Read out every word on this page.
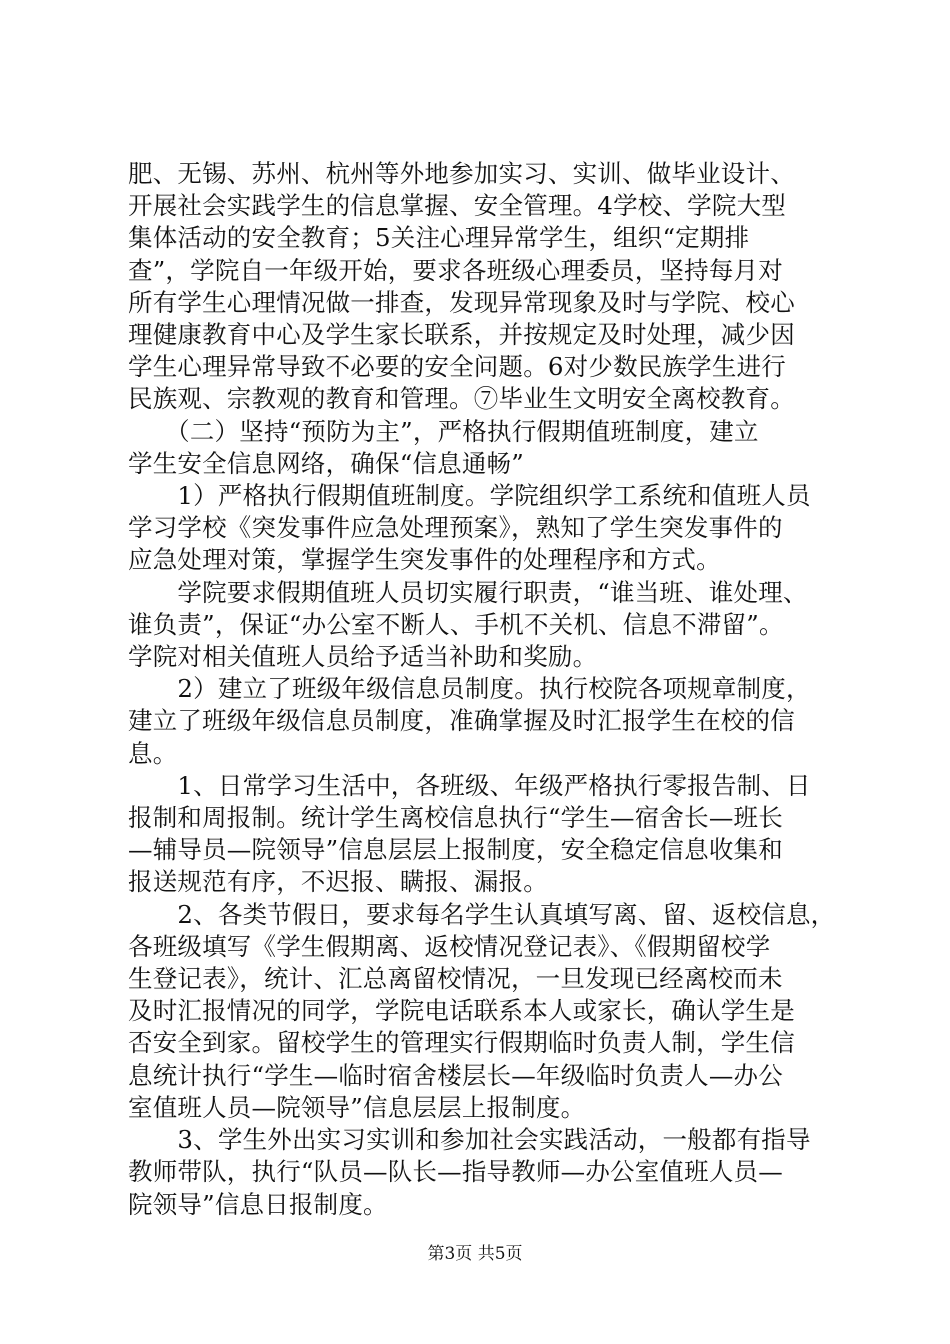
肥、无锡、苏州、杭州等外地参加实习、实训、做毕业设计、
开展社会实践学生的信息掌握、安全管理。4学校、学院大型
集体活动的安全教育；5关注心理异常学生，组织“定期排
查”，学院自一年级开始，要求各班级心理委员，坚持每月对
所有学生心理情况做一排查，发现异常现象及时与学院、校心
理健康教育中心及学生家长联系，并按规定及时处理，减少因
学生心理异常导致不必要的安全问题。6对少数民族学生进行
民族观、宗教观的教育和管理。⑦毕业生文明安全离校教育。
　　（二）坚持“预防为主”，严格执行假期值班制度，建立
学生安全信息网络，确保“信息通畅”
　　1）严格执行假期值班制度。学院组织学工系统和值班人员
学习学校《突发事件应急处理预案》，熟知了学生突发事件的
应急处理对策，掌握学生突发事件的处理程序和方式。
　　学院要求假期值班人员切实履行职责，“谁当班、谁处理、
谁负责”，保证“办公室不断人、手机不关机、信息不滞留”。
学院对相关值班人员给予适当补助和奖励。
　　2）建立了班级年级信息员制度。执行校院各项规章制度，
建立了班级年级信息员制度，准确掌握及时汇报学生在校的信
息。
　　1、日常学习生活中，各班级、年级严格执行零报告制、日
报制和周报制。统计学生离校信息执行“学生—宿舍长—班长
—辅导员—院领导”信息层层上报制度，安全稳定信息收集和
报送规范有序，不迟报、瞒报、漏报。
　　2、各类节假日，要求每名学生认真填写离、留、返校信息，
各班级填写《学生假期离、返校情况登记表》、《假期留校学
生登记表》，统计、汇总离留校情况，一旦发现已经离校而未
及时汇报情况的同学，学院电话联系本人或家长，确认学生是
否安全到家。留校学生的管理实行假期临时负责人制，学生信
息统计执行“学生—临时宿舍楼层长—年级临时负责人—办公
室值班人员—院领导”信息层层上报制度。
　　3、学生外出实习实训和参加社会实践活动，一般都有指导
教师带队，执行“队员—队长—指导教师—办公室值班人员—
院领导”信息日报制度。
第3页 共5页
